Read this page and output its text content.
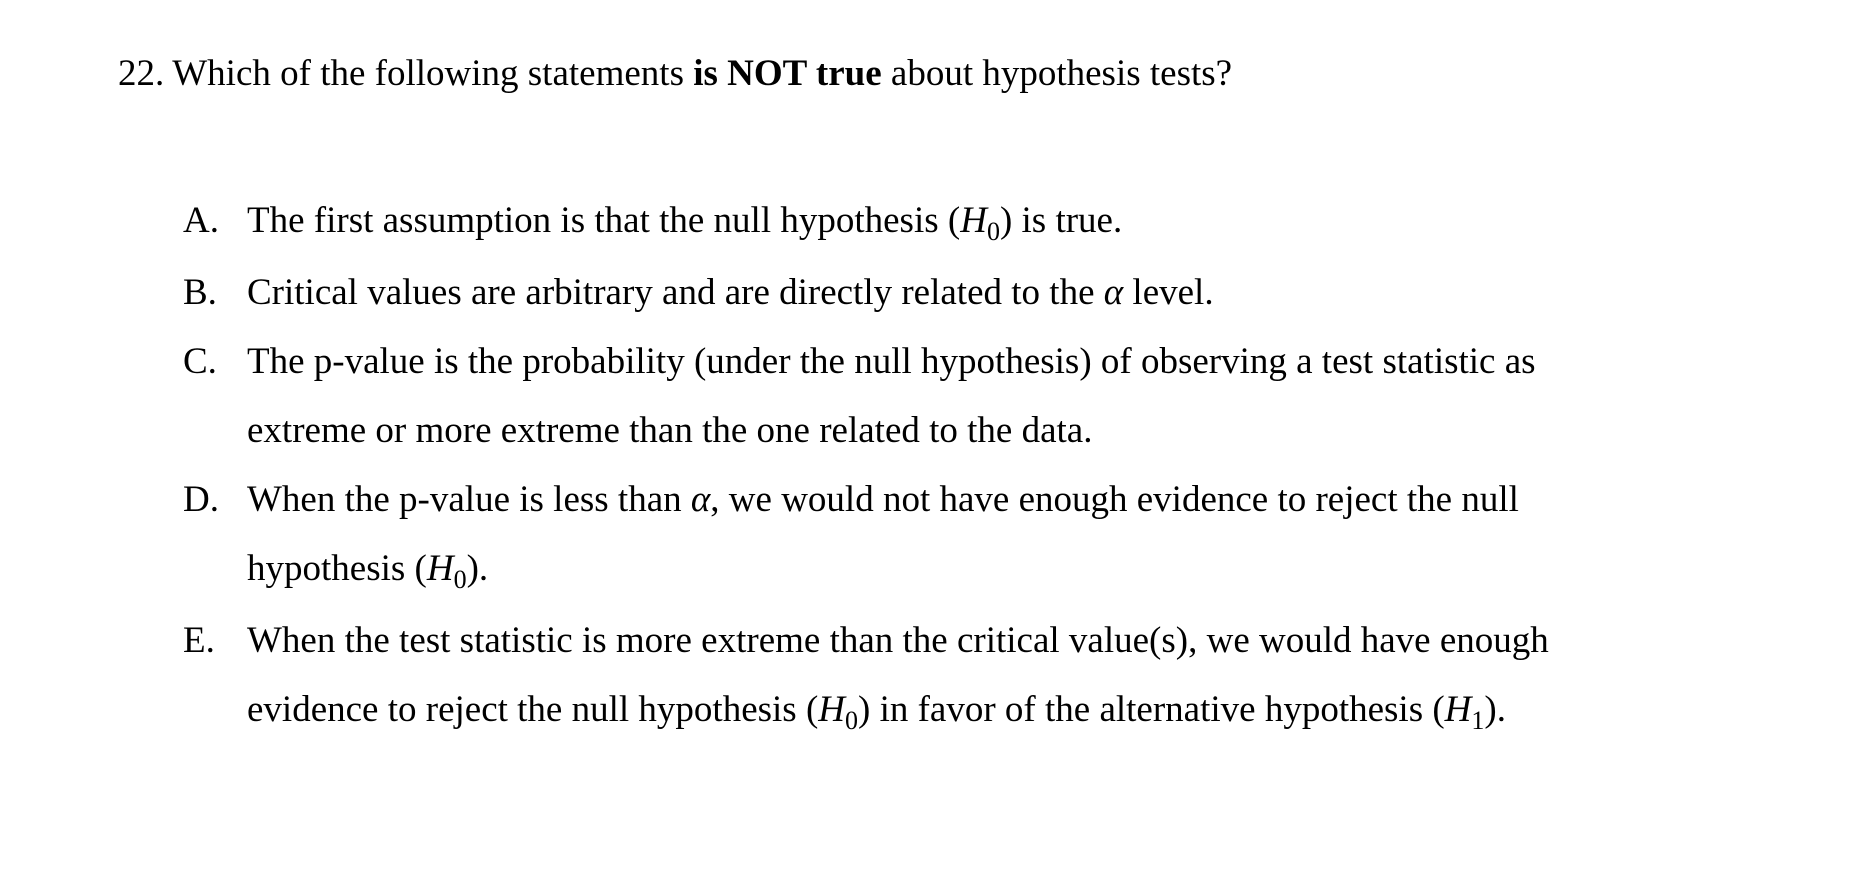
22. Which of the following statements is NOT true about hypothesis tests?
A. The first assumption is that the null hypothesis $(H_0)$ is true.
B. Critical values are arbitrary and are directly related to the α level.
C. The p-value is the probability (under the null hypothesis) of observing a test statistic as
extreme or more extreme than the one related to the data.
D. When the p-value is less than α, we would not have enough evidence to reject the null
hypothesis $(H_0)$.
E. When the test statistic is more extreme than the critical value(s), we would have enough
evidence to reject the null hypothesis $(H_0)$ in favor of the alternative hypothesis $(H_1)$.
